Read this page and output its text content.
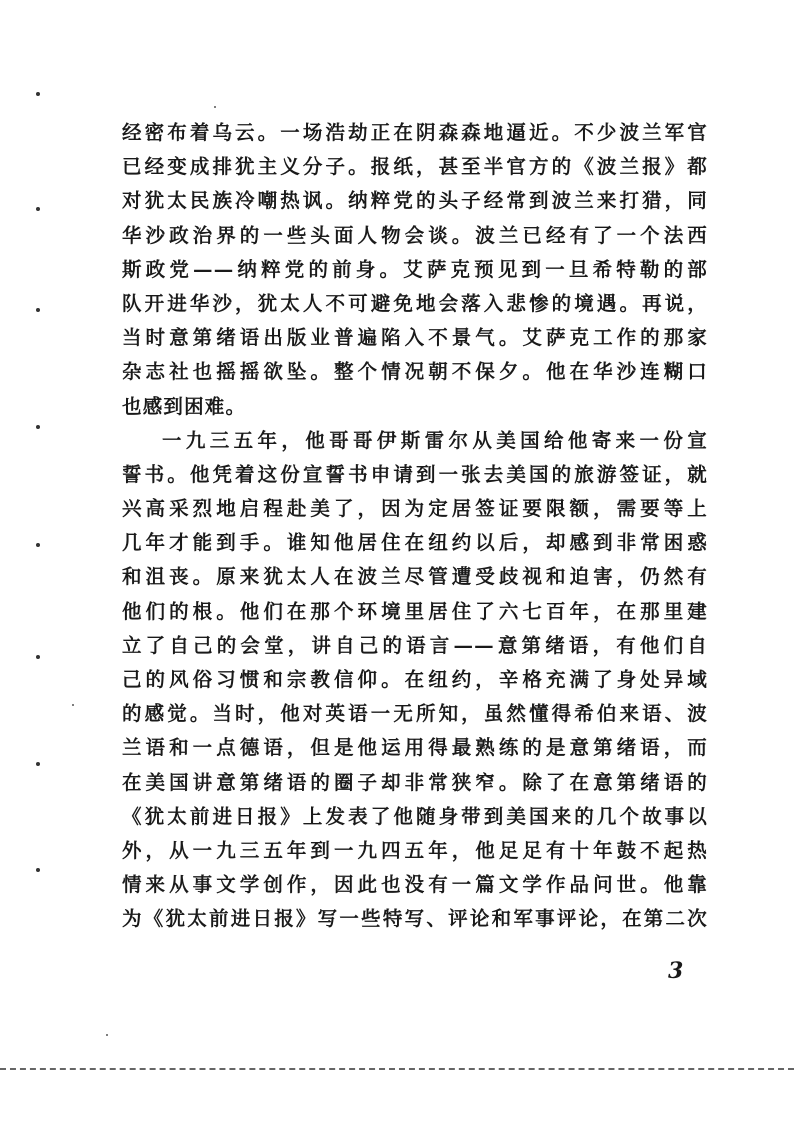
经密布着乌云。一场浩劫正在阴森森地逼近。不少波兰军官
已经变成排犹主义分子。报纸，甚至半官方的《波兰报》都
对犹太民族冷嘲热讽。纳粹党的头子经常到波兰来打猎，同
华沙政治界的一些头面人物会谈。波兰已经有了一个法西
斯政党——纳粹党的前身。艾萨克预见到一旦希特勒的部
队开进华沙，犹太人不可避免地会落入悲惨的境遇。再说，
当时意第绪语出版业普遍陷入不景气。艾萨克工作的那家
杂志社也摇摇欲坠。整个情况朝不保夕。他在华沙连糊口
也感到困难。
一九三五年，他哥哥伊斯雷尔从美国给他寄来一份宣
誓书。他凭着这份宣誓书申请到一张去美国的旅游签证，就
兴高采烈地启程赴美了，因为定居签证要限额，需要等上
几年才能到手。谁知他居住在纽约以后，却感到非常困惑
和沮丧。原来犹太人在波兰尽管遭受歧视和迫害，仍然有
他们的根。他们在那个环境里居住了六七百年，在那里建
立了自己的会堂，讲自己的语言——意第绪语，有他们自
己的风俗习惯和宗教信仰。在纽约，辛格充满了身处异域
的感觉。当时，他对英语一无所知，虽然懂得希伯来语、波
兰语和一点德语，但是他运用得最熟练的是意第绪语，而
在美国讲意第绪语的圈子却非常狭窄。除了在意第绪语的
《犹太前进日报》上发表了他随身带到美国来的几个故事以
外，从一九三五年到一九四五年，他足足有十年鼓不起热
情来从事文学创作，因此也没有一篇文学作品问世。他靠
为《犹太前进日报》写一些特写、评论和军事评论，在第二次
3
